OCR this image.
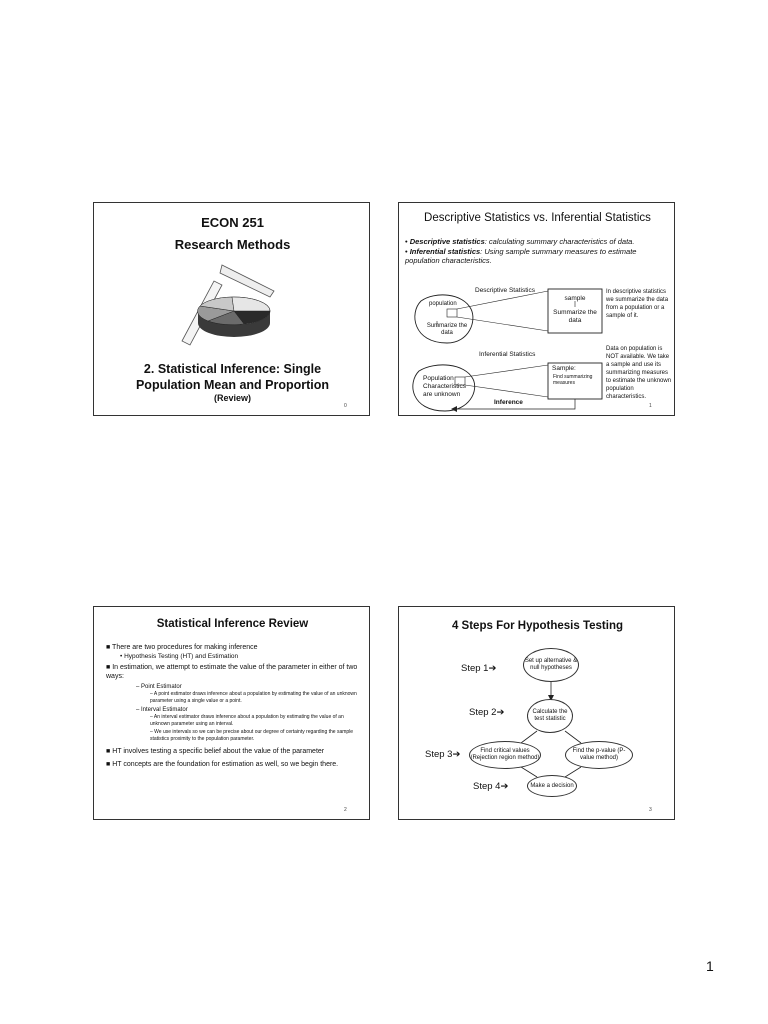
ECON 251
Research Methods
2. Statistical Inference: Single
Population Mean and Proportion
(Review)
0
Descriptive Statistics vs. Inferential Statistics
• Descriptive statistics: calculating summary characteristics of data.
• Inferential statistics: Using sample summary measures to estimate population characteristics.
Descriptive Statistics
population
Summarize the data
sample
Summarize the data
In descriptive statistics we summarize the data from a population or a sample of it.
Inferential Statistics
Population Characteristics are unknown
Sample:
Find summarizing measures
Inference
Data on population is NOT available. We take a sample and use its summarizing measures to estimate the unknown population characteristics.
1
Statistical Inference Review
■ There are two procedures for making inference
• Hypothesis Testing (HT) and Estimation
■ In estimation, we attempt to estimate the value of the parameter in either of two ways:
– Point Estimator
– A point estimator draws inference about a population by estimating the value of an unknown parameter using a single value or a point.
– Interval Estimator
– An interval estimator draws inference about a population by estimating the value of an unknown parameter using an interval.
– We use intervals so we can be precise about our degree of certainty regarding the sample statistics proximity to the population parameter.
■ HT involves testing a specific belief about the value of the parameter
■ HT concepts are the foundation for estimation as well, so we begin there.
2
4 Steps For Hypothesis Testing
Step 1➔
Step 2➔
Step 3➔
Step 4➔
Set up alternative & null hypotheses
Calculate the test statistic
Find critical values (Rejection region method)
Find the p-value (P-value method)
Make a decision
3
1
